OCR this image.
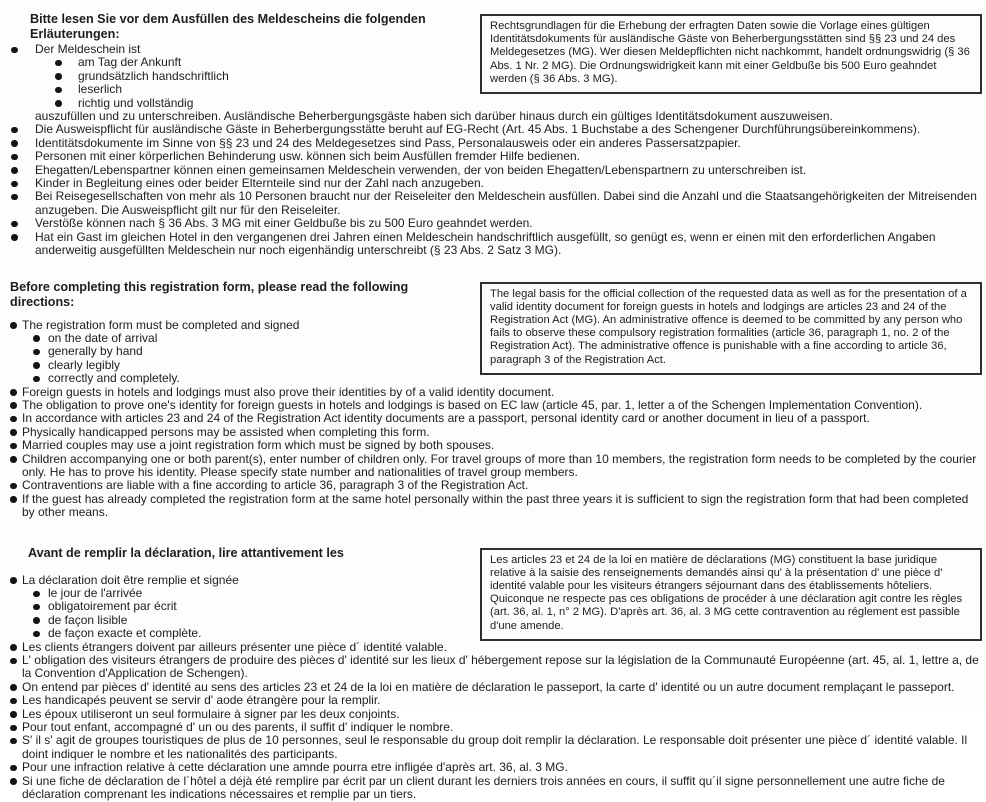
Rechtsgrundlagen für die Erhebung der erfragten Daten sowie die Vorlage eines gültigen Identitätsdokuments für ausländische Gäste von Beherbergungsstätten sind §§ 23 und 24 des Meldegesetzes (MG). Wer diesen Meldepflichten nicht nachkommt, handelt ordnungswidrig (§ 36 Abs. 1 Nr. 2 MG). Die Ordnungswidrigkeit kann mit einer Geldbuße bis 500 Euro geahndet werden (§ 36 Abs. 3 MG).

Bitte lesen Sie vor dem Ausfüllen des Meldescheins die folgenden Erläuterungen:
Der Meldeschein ist
am Tag der Ankunft
grundsätzlich handschriftlich
leserlich
richtig und vollständig
auszufüllen und zu unterschreiben. Ausländische Beherbergungsgäste haben sich darüber hinaus durch ein gültiges Identitätsdokument auszuweisen.
Die Ausweispflicht für ausländische Gäste in Beherbergungsstätte beruht auf EG-Recht (Art. 45 Abs. 1 Buchstabe a des Schengener Durchführungsübereinkommens).
Identitätsdokumente im Sinne von §§ 23 und 24 des Meldegesetzes sind Pass, Personalausweis oder ein anderes Passersatzpapier.
Personen mit einer körperlichen Behinderung usw. können sich beim Ausfüllen fremder Hilfe bedienen.
Ehegatten/Lebenspartner können einen gemeinsamen Meldeschein verwenden, der von beiden Ehegatten/Lebenspartnern zu unterschreiben ist.
Kinder in Begleitung eines oder beider Elternteile sind nur der Zahl nach anzugeben.
Bei Reisegesellschaften von mehr als 10 Personen braucht nur der Reiseleiter den Meldeschein ausfüllen. Dabei sind die Anzahl und die Staatsangehörigkeiten der Mitreisenden anzugeben. Die Ausweispflicht gilt nur für den Reiseleiter.
Verstöße können nach § 36 Abs. 3 MG mit einer Geldbuße bis zu 500 Euro geahndet werden.
Hat ein Gast im gleichen Hotel in den vergangenen drei Jahren einen Meldeschein handschriftlich ausgefüllt, so genügt es, wenn er einen mit den erforderlichen Angaben anderweitig ausgefüllten Meldeschein nur noch eigenhändig unterschreibt (§ 23 Abs. 2 Satz 3 MG).

The legal basis for the official collection of the requested data as well as for the presentation of a valid identity document for foreign guests in hotels and lodgings are articles 23 and 24 of the Registration Act (MG). An administrative offence is deemed to be committed by any person who fails to observe these compulsory registration formalities (article 36, paragraph 1, no. 2 of the Registration Act). The administrative offence is punishable with a fine according to article 36, paragraph 3 of the Registration Act.

Before completing this registration form, please read the following directions:
The registration form must be completed and signed
on the date of arrival
generally by hand
clearly legibly
correctly and completely.
Foreign guests in hotels and lodgings must also prove their identities by of a valid identity document.
The obligation to prove one's identity for foreign guests in hotels and lodgings is based on EC law (article 45, par. 1, letter a of the Schengen Implementation Convention).
In accordance with articles 23 and 24 of the Registration Act identity documents are a passport, personal identity card or another document in lieu of a passport.
Physically handicapped persons may be assisted when completing this form.
Married couples may use a joint registration form which must be signed by both spouses.
Children accompanying one or both parent(s), enter number of children only. For travel groups of more than 10 members, the registration form needs to be completed by the courier only. He has to prove his identity. Please specify state number and nationalities of travel group members.
Contraventions are liable with a fine according to article 36, paragraph 3 of the Registration Act.
If the guest has already completed the registration form at the same hotel personally within the past three years it is sufficient to sign the registration form that had been completed by other means.

Les articles 23 et 24 de la loi en matière de déclarations (MG) constituent la base juridique relative à la saisie des renseignements demandés ainsi qu' à la présentation d' une pièce d' identité valable pour les visiteurs étrangers séjournant dans des établissements hôteliers. Quiconque ne respecte pas ces obligations de procéder à une déclaration agit contre les règles (art. 36, al. 1, n° 2 MG). D'après art. 36, al. 3 MG cette contravention au réglement est passible d'une amende.

Avant de remplir la déclaration, lire attantivement les
La déclaration doit être remplie et signée
le jour de l'arrivée
obligatoirement par écrit
de façon lisible
de façon exacte et complète.
Les clients étrangers doivent par ailleurs présenter une pièce d´ identité valable.
L' obligation des visiteurs étrangers de produire des pièces d' identité sur les lieux d' hébergement repose sur la législation de la Communauté Européenne (art. 45, al. 1, lettre a, de la Convention d'Application de Schengen).
On entend par pièces d' identité au sens des articles 23 et 24 de la loi en matière de déclaration le passeport, la carte d' identité ou un autre document remplaçant le passeport.
Les handicapés peuvent se servir d' aode étrangère pour la remplir.
Les époux utiliseront un seul formulaire à signer par les deux conjoints.
Pour tout enfant, accompagné d' un ou des parents, il suffit d' indiquer le nombre.
S' il s' agit de groupes touristiques de plus de 10 personnes, seul le responsable du group doit remplir la déclaration. Le responsable doit présenter une pièce d´ identité valable. Il doint indiquer le nombre et les nationalités des participants.
Pour une infraction relative à cette déclaration une amnde pourra etre infligée d'après art. 36, al. 3 MG.
Si une fiche de déclaration de l´hôtel a déjà été remplire par écrit par un client durant les derniers trois années en cours, il suffit qu´il signe personnellement une autre fiche de déclaration comprenant les indications nécessaires et remplie par un tiers.
